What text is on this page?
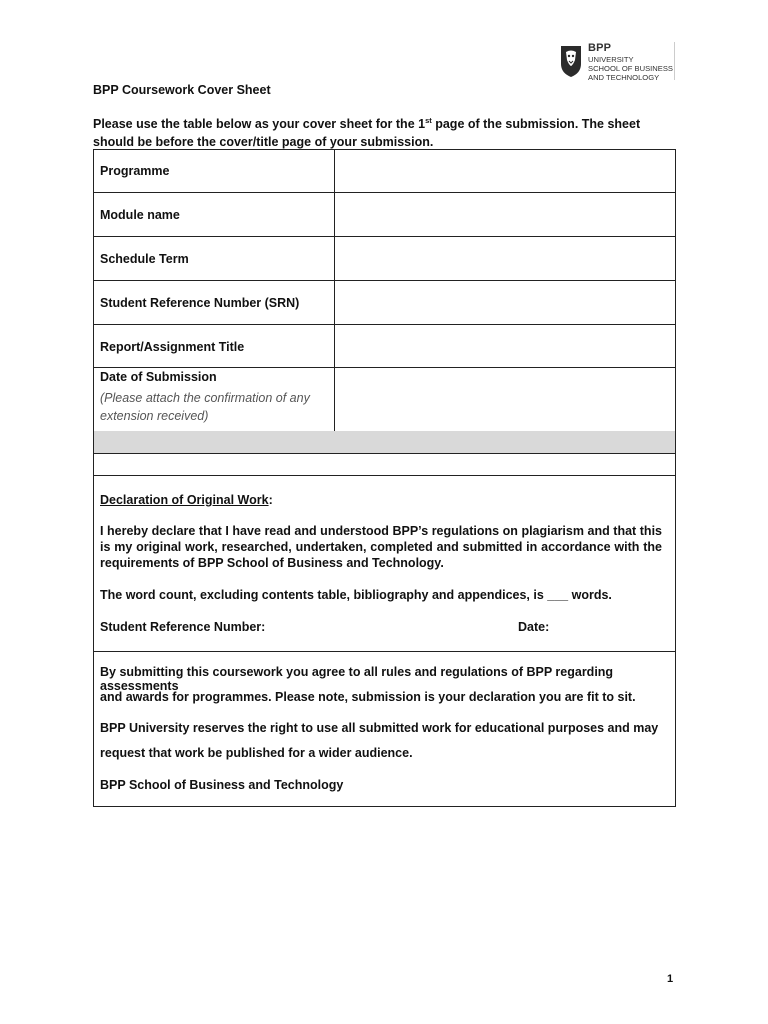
BPP
UNIVERSITY
SCHOOL OF BUSINESS
AND TECHNOLOGY
BPP Coursework Cover Sheet
Please use the table below as your cover sheet for the 1st page of the submission. The sheet should be before the cover/title page of your submission.
Programme
Module name
Schedule Term
Student Reference Number (SRN)
Report/Assignment Title
Date of Submission
(Please attach the confirmation of any extension received)
Declaration of Original Work:
I hereby declare that I have read and understood BPP’s regulations on plagiarism and that this is my original work, researched, undertaken, completed and submitted in accordance with the requirements of BPP School of Business and Technology.
The word count, excluding contents table, bibliography and appendices, is ___ words.
Student Reference Number:	Date:
By submitting this coursework you agree to all rules and regulations of BPP regarding assessments
and awards for programmes. Please note, submission is your declaration you are fit to sit.
BPP University reserves the right to use all submitted work for educational purposes and may
request that work be published for a wider audience.
BPP School of Business and Technology
1
